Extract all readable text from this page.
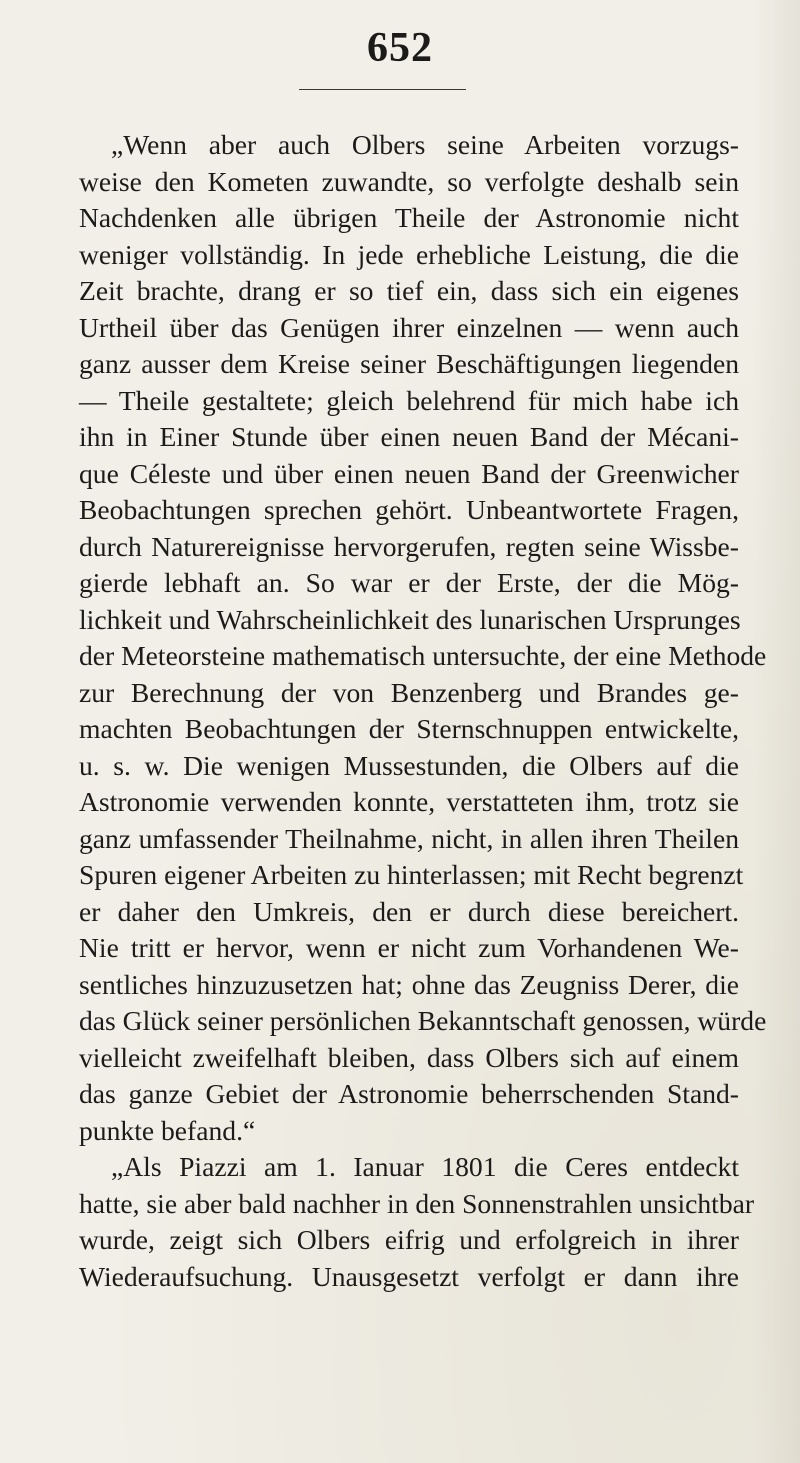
652
„Wenn aber auch Olbers seine Arbeiten vorzugs-
weise den Kometen zuwandte, so verfolgte deshalb sein
Nachdenken alle übrigen Theile der Astronomie nicht
weniger vollständig. In jede erhebliche Leistung, die die
Zeit brachte, drang er so tief ein, dass sich ein eigenes
Urtheil über das Genügen ihrer einzelnen — wenn auch
ganz ausser dem Kreise seiner Beschäftigungen liegenden
— Theile gestaltete; gleich belehrend für mich habe ich
ihn in Einer Stunde über einen neuen Band der Mécani-
que Céleste und über einen neuen Band der Greenwicher
Beobachtungen sprechen gehört. Unbeantwortete Fragen,
durch Naturereignisse hervorgerufen, regten seine Wissbe-
gierde lebhaft an. So war er der Erste, der die Mög-
lichkeit und Wahrscheinlichkeit des lunarischen Ursprunges
der Meteorsteine mathematisch untersuchte, der eine Methode
zur Berechnung der von Benzenberg und Brandes ge-
machten Beobachtungen der Sternschnuppen entwickelte,
u. s. w. Die wenigen Mussestunden, die Olbers auf die
Astronomie verwenden konnte, verstatteten ihm, trotz sie
ganz umfassender Theilnahme, nicht, in allen ihren Theilen
Spuren eigener Arbeiten zu hinterlassen; mit Recht begrenzt
er daher den Umkreis, den er durch diese bereichert.
Nie tritt er hervor, wenn er nicht zum Vorhandenen We-
sentliches hinzuzusetzen hat; ohne das Zeugniss Derer, die
das Glück seiner persönlichen Bekanntschaft genossen, würde
vielleicht zweifelhaft bleiben, dass Olbers sich auf einem
das ganze Gebiet der Astronomie beherrschenden Stand-
punkte befand.“
„Als Piazzi am 1. Ianuar 1801 die Ceres entdeckt
hatte, sie aber bald nachher in den Sonnenstrahlen unsichtbar
wurde, zeigt sich Olbers eifrig und erfolgreich in ihrer
Wiederaufsuchung. Unausgesetzt verfolgt er dann ihre
